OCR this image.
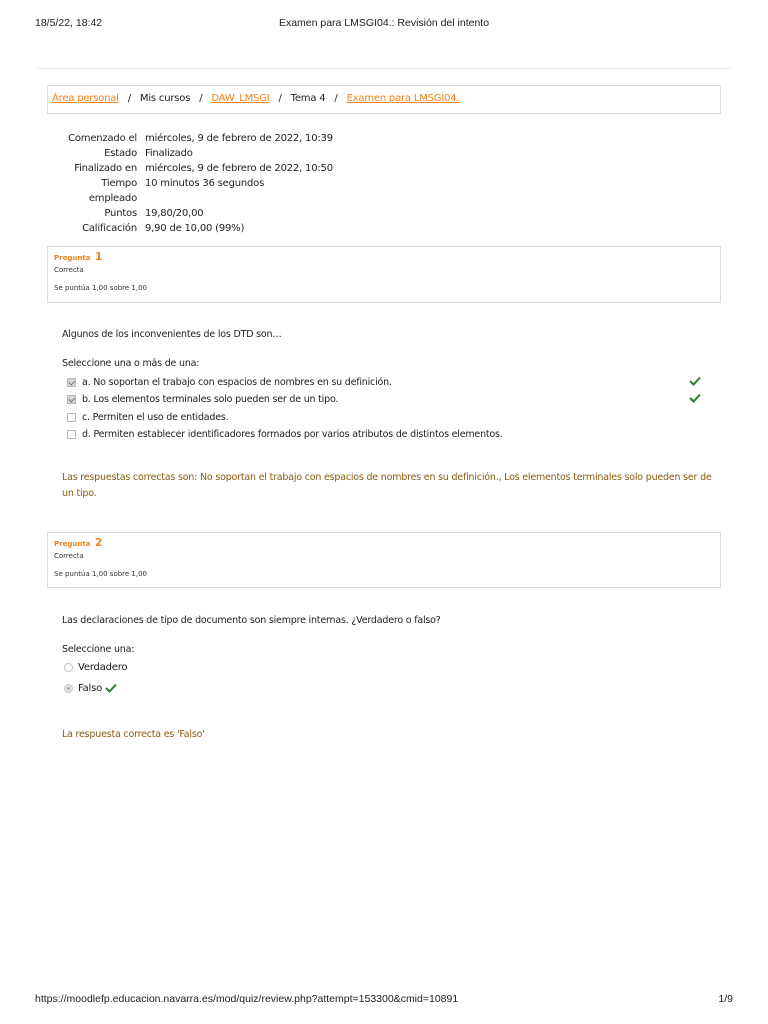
18/5/22, 18:42	Examen para LMSGI04.: Revisión del intento
Área personal / Mis cursos / DAW_LMSGI / Tema 4 / Examen para LMSGI04.
Comenzado el miércoles, 9 de febrero de 2022, 10:39
Estado Finalizado
Finalizado en miércoles, 9 de febrero de 2022, 10:50
Tiempo
empleado
10 minutos 36 segundos
Puntos 19,80/20,00
Calificación 9,90 de 10,00 (99%)
Pregunta 1
Correcta
Se puntúa 1,00 sobre 1,00
Algunos de los inconvenientes de los DTD son…
Seleccione una o más de una:
a. No soportan el trabajo con espacios de nombres en su definición.
b. Los elementos terminales solo pueden ser de un tipo.
c. Permiten el uso de entidades.
d. Permiten establecer identificadores formados por varios atributos de distintos elementos.
Las respuestas correctas son: No soportan el trabajo con espacios de nombres en su definición., Los elementos terminales solo pueden ser de un tipo.
Pregunta 2
Correcta
Se puntúa 1,00 sobre 1,00
Las declaraciones de tipo de documento son siempre internas. ¿Verdadero o falso?
Seleccione una:
Verdadero
Falso
La respuesta correcta es 'Falso'
https://moodlefp.educacion.navarra.es/mod/quiz/review.php?attempt=153300&cmid=10891	1/9
